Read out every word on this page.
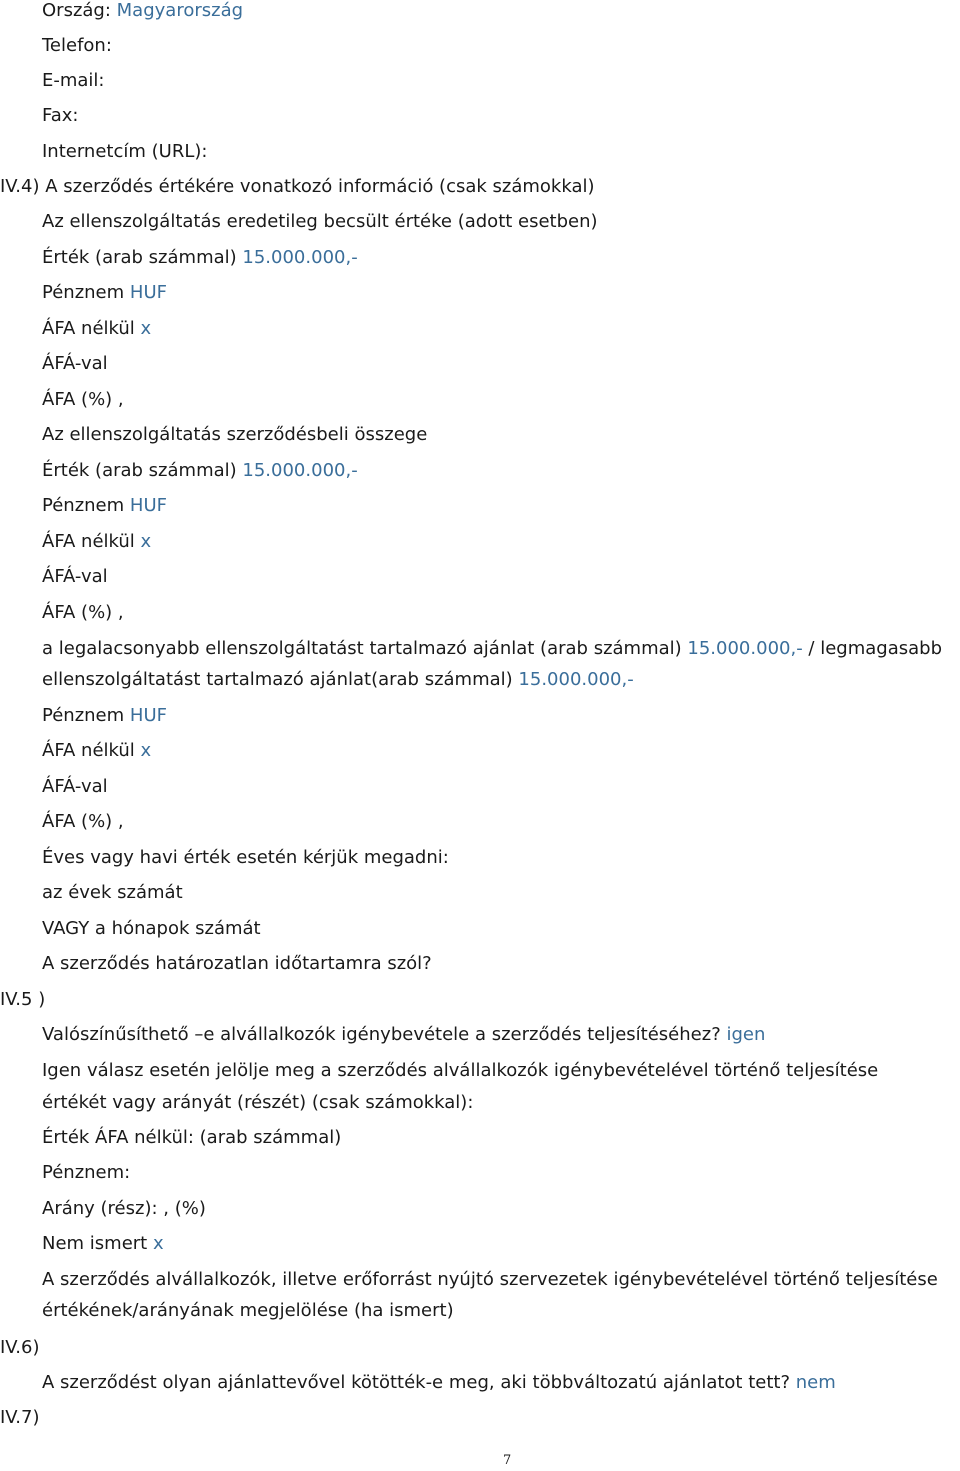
Ország: Magyarország
Telefon:
E-mail:
Fax:
Internetcím (URL):
IV.4) A szerződés értékére vonatkozó információ (csak számokkal)
Az ellenszolgáltatás eredetileg becsült értéke (adott esetben)
Érték (arab számmal) 15.000.000,-
Pénznem HUF
ÁFA nélkül x
ÁFÁ-val
ÁFA (%) ,
Az ellenszolgáltatás szerződésbeli összege
Érték (arab számmal) 15.000.000,-
Pénznem HUF
ÁFA nélkül x
ÁFÁ-val
ÁFA (%) ,
a legalacsonyabb ellenszolgáltatást tartalmazó ajánlat (arab számmal) 15.000.000,- / legmagasabb
ellenszolgáltatást tartalmazó ajánlat(arab számmal) 15.000.000,-
Pénznem HUF
ÁFA nélkül x
ÁFÁ-val
ÁFA (%) ,
Éves vagy havi érték esetén kérjük megadni:
az évek számát
VAGY a hónapok számát
A szerződés határozatlan időtartamra szól?
IV.5 )
Valószínűsíthető –e alvállalkozók igénybevétele a szerződés teljesítéséhez? igen
Igen válasz esetén jelölje meg a szerződés alvállalkozók igénybevételével történő teljesítése
értékét vagy arányát (részét) (csak számokkal):
Érték ÁFA nélkül: (arab számmal)
Pénznem:
Arány (rész): , (%)
Nem ismert x
A szerződés alvállalkozók, illetve erőforrást nyújtó szervezetek igénybevételével történő teljesítése
értékének/arányának megjelölése (ha ismert)
IV.6)
A szerződést olyan ajánlattevővel kötötték-e meg, aki többváltozatú ajánlatot tett? nem
IV.7)
7
